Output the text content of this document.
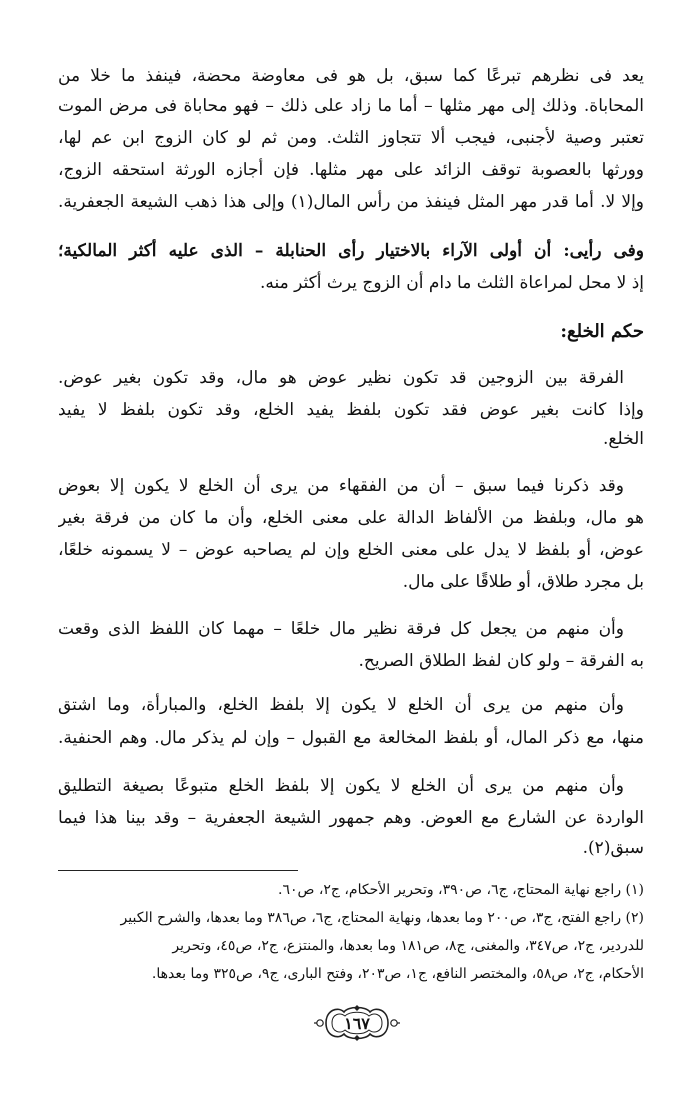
يعد فى نظرهم تبرعًا كما سبق، بل هو فى معاوضة محضة، فينفذ ما خلا من
المحاباة. وذلك إلى مهر مثلها – أما ما زاد على ذلك – فهو محاباة فى مرض الموت
تعتبر وصية لأجنبى، فيجب ألا تتجاوز الثلث. ومن ثم لو كان الزوج ابن عم لها،
وورثها بالعصوبة توقف الزائد على مهر مثلها. فإن أجازه الورثة استحقه الزوج،
وإلا لا. أما قدر مهر المثل فينفذ من رأس المال(١) وإلى هذا ذهب الشيعة الجعفرية.
وفى رأيى: أن أولى الآراء بالاختيار رأى الحنابلة – الذى عليه أكثر المالكية؛
إذ لا محل لمراعاة الثلث ما دام أن الزوج يرث أكثر منه.
حكم الخلع:
الفرقة بين الزوجين قد تكون نظير عوض هو مال، وقد تكون بغير عوض.
وإذا كانت بغير عوض فقد تكون بلفظ يفيد الخلع، وقد تكون بلفظ لا يفيد
الخلع.
وقد ذكرنا فيما سبق – أن من الفقهاء من يرى أن الخلع لا يكون إلا بعوض
هو مال، وبلفظ من الألفاظ الدالة على معنى الخلع، وأن ما كان من فرقة بغير
عوض، أو بلفظ لا يدل على معنى الخلع وإن لم يصاحبه عوض – لا يسمونه خلعًا،
بل مجرد طلاق، أو طلاقًا على مال.
وأن منهم من يجعل كل فرقة نظير مال خلعًا – مهما كان اللفظ الذى وقعت
به الفرقة – ولو كان لفظ الطلاق الصريح.
وأن منهم من يرى أن الخلع لا يكون إلا بلفظ الخلع، والمبارأة، وما اشتق
منها، مع ذكر المال، أو بلفظ المخالعة مع القبول – وإن لم يذكر مال. وهم الحنفية.
وأن منهم من يرى أن الخلع لا يكون إلا بلفظ الخلع متبوعًا بصيغة التطليق
الواردة عن الشارع مع العوض. وهم جمهور الشيعة الجعفرية – وقد بينا هذا فيما
سبق(٢).
(١) راجع نهاية المحتاج، ج٦، ص٣٩٠، وتحرير الأحكام، ج٢، ص٦٠.
(٢) راجع الفتح، ج٣، ص٢٠٠ وما بعدها، ونهاية المحتاج، ج٦، ص٣٨٦ وما بعدها، والشرح الكبير
للدردير، ج٢، ص٣٤٧، والمغنى، ج٨، ص١٨١ وما بعدها، والمنتزع، ج٢، ص٤٥، وتحرير
الأحكام، ج٢، ص٥٨، والمختصر النافع، ج١، ص٢٠٣، وفتح البارى، ج٩، ص٣٢٥ وما بعدها.
١٦٧
